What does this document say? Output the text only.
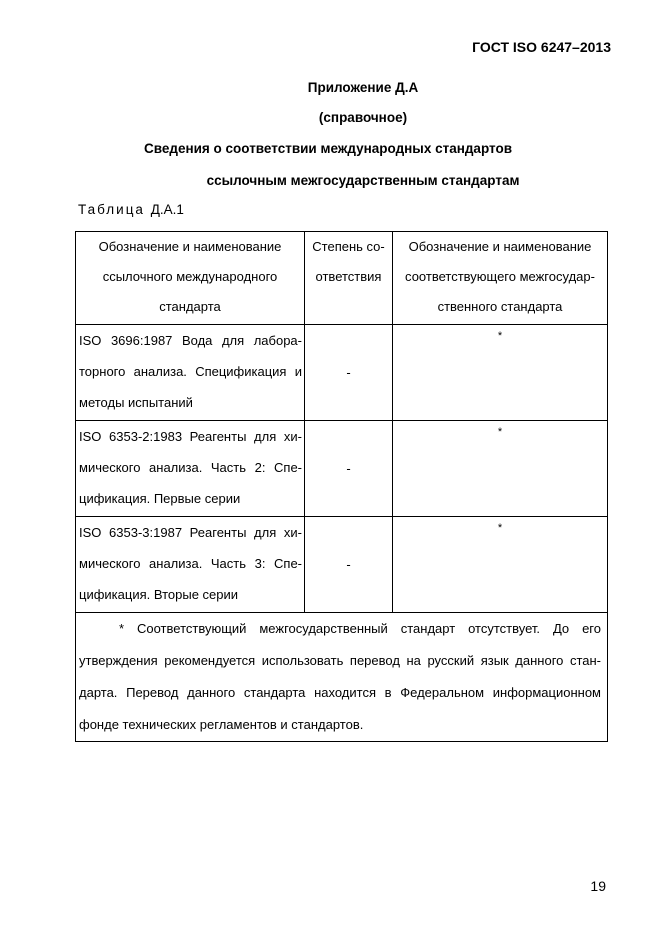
ГОСТ ISO 6247–2013
Приложение Д.А
(справочное)
Сведения о соответствии международных стандартов
ссылочным межгосударственным стандартам
Таблица Д.А.1
Обозначение и наименование ссылочного международного стандарта	Степень со-ответствия	Обозначение и наименование соответствующего межгосудар-ственного стандарта

ISO 3696:1987 Вода для лабора-торного анализа. Спецификация и методы испытаний	-	*
ISO 6353-2:1983 Реагенты для хи-мического анализа. Часть 2: Спе-цификация. Первые серии	-	*
ISO 6353-3:1987 Реагенты для хи-мического анализа. Часть 3: Спе-цификация. Вторые серии	-	*
* Соответствующий межгосударственный стандарт отсутствует. До его утверждения рекомендуется использовать перевод на русский язык данного стан-дарта. Перевод данного стандарта находится в Федеральном информационном фонде технических регламентов и стандартов.		
19
